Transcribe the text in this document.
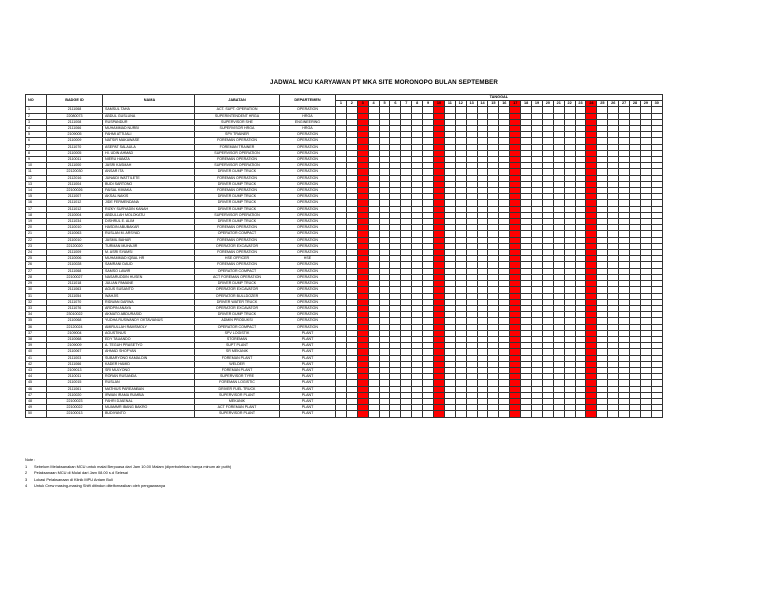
JADWAL MCU KARYAWAN PT MKA SITE MORONOPO BULAN SEPTEMBER
NO	BADGE ID	NAMA	JABATAN	DEPARTEMEN	TANGGAL																													
					1	2	3	4	5	6	7	8	9	10	11	12	13	14	15	16	17	18	19	20	21	22	23	24	25	26	27	28	29	30
1	2111068	SAMSUL TAHA	ACT. SUPT. OPERATION	OPERATION																														
2	22080073	ABDUL GUSLUNA	SUPERINTENDENT HRGA	HRGA																														
3	2111008	RUSPANDUR	SUPERVISOR SHE	ENGINEERING																														
4	2111066	MUHAMMAD NURBI	SUPERVISOR HRGA	HRGA																														
5	2109005	FAHMI ATTIJALI	SPV TRAINER	OPERATION																														
6	2110009	NATSIR MAKAWASE	FOREMAN OPERATION	OPERATION																														
7	2111070	ASEPAT SALAULA	FOREMAN TRAINER	OPERATION																														
8	2110005	HI. UDIN AHMAD	SUPERVISOR OPERATION	OPERATION																														
9	2110011	NIERU HAMZA	FOREMAN OPERATION	OPERATION																														
10	2111000	JASRI KASMAH	SUPERVISOR OPERATION	OPERATION																														
11	22120030	ANSAR ITA	DRIVER DUMP TRUCK	OPERATION																														
12	2112016	JUNAIDI WATTILETE	FOREMAN OPERATION	OPERATION																														
13	2111004	BUDI SARTONO	DRIVER DUMP TRUCK	OPERATION																														
14	22100026	FAISAL KIMAKA	FOREMAN OPERATION	OPERATION																														
15	2111007	AKSAL NAKIS	DRIVER DUMP TRUCK	OPERATION																														
16	2111012	JIDE FERMENDANA	DRIVER DUMP TRUCK	OPERATION																														
17	2111012	RIZKY SURYADIN KANAH	DRIVER DUMP TRUCK	OPERATION																														
18	2110004	ABDULLAH MOLOKATU	SUPERVISOR OPERATION	OPERATION																														
19	2111034	DISHRUL E. ALIM	DRIVER DUMP TRUCK	OPERATION																														
20	2110010	HASDIN ABUBAKAR	FOREMAN OPERATION	OPERATION																														
21	2110063	RUSLAN M. ARSYAD	OPERATOR COMPACT	OPERATION																														
22	2110010	JASMIL BAHAR	FOREMAN OPERATION	OPERATION																														
23	22120020	TURMAN MUHAJIR	OPERATOR EXCAVATOR	OPERATION																														
24	2111009	M. ASRI SYAMSI	FOREMAN OPERATION	OPERATION																														
25	2110006	MUHAMMAD IQBAL HR	HSE OFFICER	HSE																														
26	2110028	SAMRANI DAUD	FOREMAN OPERATION	OPERATION																														
27	2111068	SAMSO LAWIR	OPERATOR COMPACT	OPERATION																														
28	22100027	NASARUDDIN HUSEN	ACT FOREMAN OPERATION	OPERATION																														
29	2111018	JULIAN PAMANE	DRIVER DUMP TRUCK	OPERATION																														
30	2111063	AGUS SUSANTO	OPERATOR EXCAVATOR	OPERATION																														
31	2111054	WAHJIS	OPERATOR BULLDOZER	OPERATION																														
32	2111070	RIDWAN DARWA	DRIVER WATER TRUCK	OPERATION																														
33	2111076	ARDPIN ANAYA	OPERATOR EXCAVATOR	OPERATION																														
34	23010022	AKMATO ABDURASID	DRIVER DUMP TRUCK	OPERATION																														
35	2110068	YUDHA RUSWANDY OKTAVIANUS	ADMIN PRODUKSI	OPERATION																														
36	22120024	AMIRULLAH RAMSMOLY	OPERATOR COMPACT	OPERATION																														
37	2109004	AGUSTINUS	SPV LOGISTIK	PLANT																														
38	2110068	EDY TAUANDO	STOREMAN	PLANT																														
39	2109009	A. TEGUH PRASETYO	SUPT PLANT	PLANT																														
40	2110067	AHMAD SHOFYAN	SR MEKANIK	PLANT																														
41	2111003	SUBARYONO KAMALDIN	FOREMAN PLANT	PLANT																														
42	2111066	KADER HAMID	WELDER	PLANT																														
43	2109013	SRI MULYONO	FOREMAN PLANT	PLANT																														
44	2110011	RORAN RUSANDA	SUPERVISOR TYRE	PLANT																														
45	2110015	RUSLAN	FOREMAN LOGISTIC	PLANT																														
46	2111061	MATHIUS PAREANBAN	DRIVER FUEL TRUCK	PLANT																														
47	2110020	IRWAN IRAMA RUMBIA	SUPERVISOR PLANT	PLANT																														
48	22100023	FAHRI DJAENAL	MEKANIK	PLANT																														
49	22100022	MUAMMR IBANG BAKRO	ACT FOREMAN PLANT	PLANT																														
50	22100013	BUDIYANTO	SUPERVISOR PLANT	PLANT																														
Note :
1 Sebelum Melaksanakan MCU untuk malai Berpuasa dari Jam 10.00 Malam (diperbolehkan hanya minum air putih)
2 Pelaksanaan MCU di Mulai dari Jam 08.00 s.d Selesai
3 Lokasi Pelaksanaan di Klinik MPU Antam Buli
4 Untuk Crew masing-masing Shift ditindun ditelfornasikan oleh pengawasnya
